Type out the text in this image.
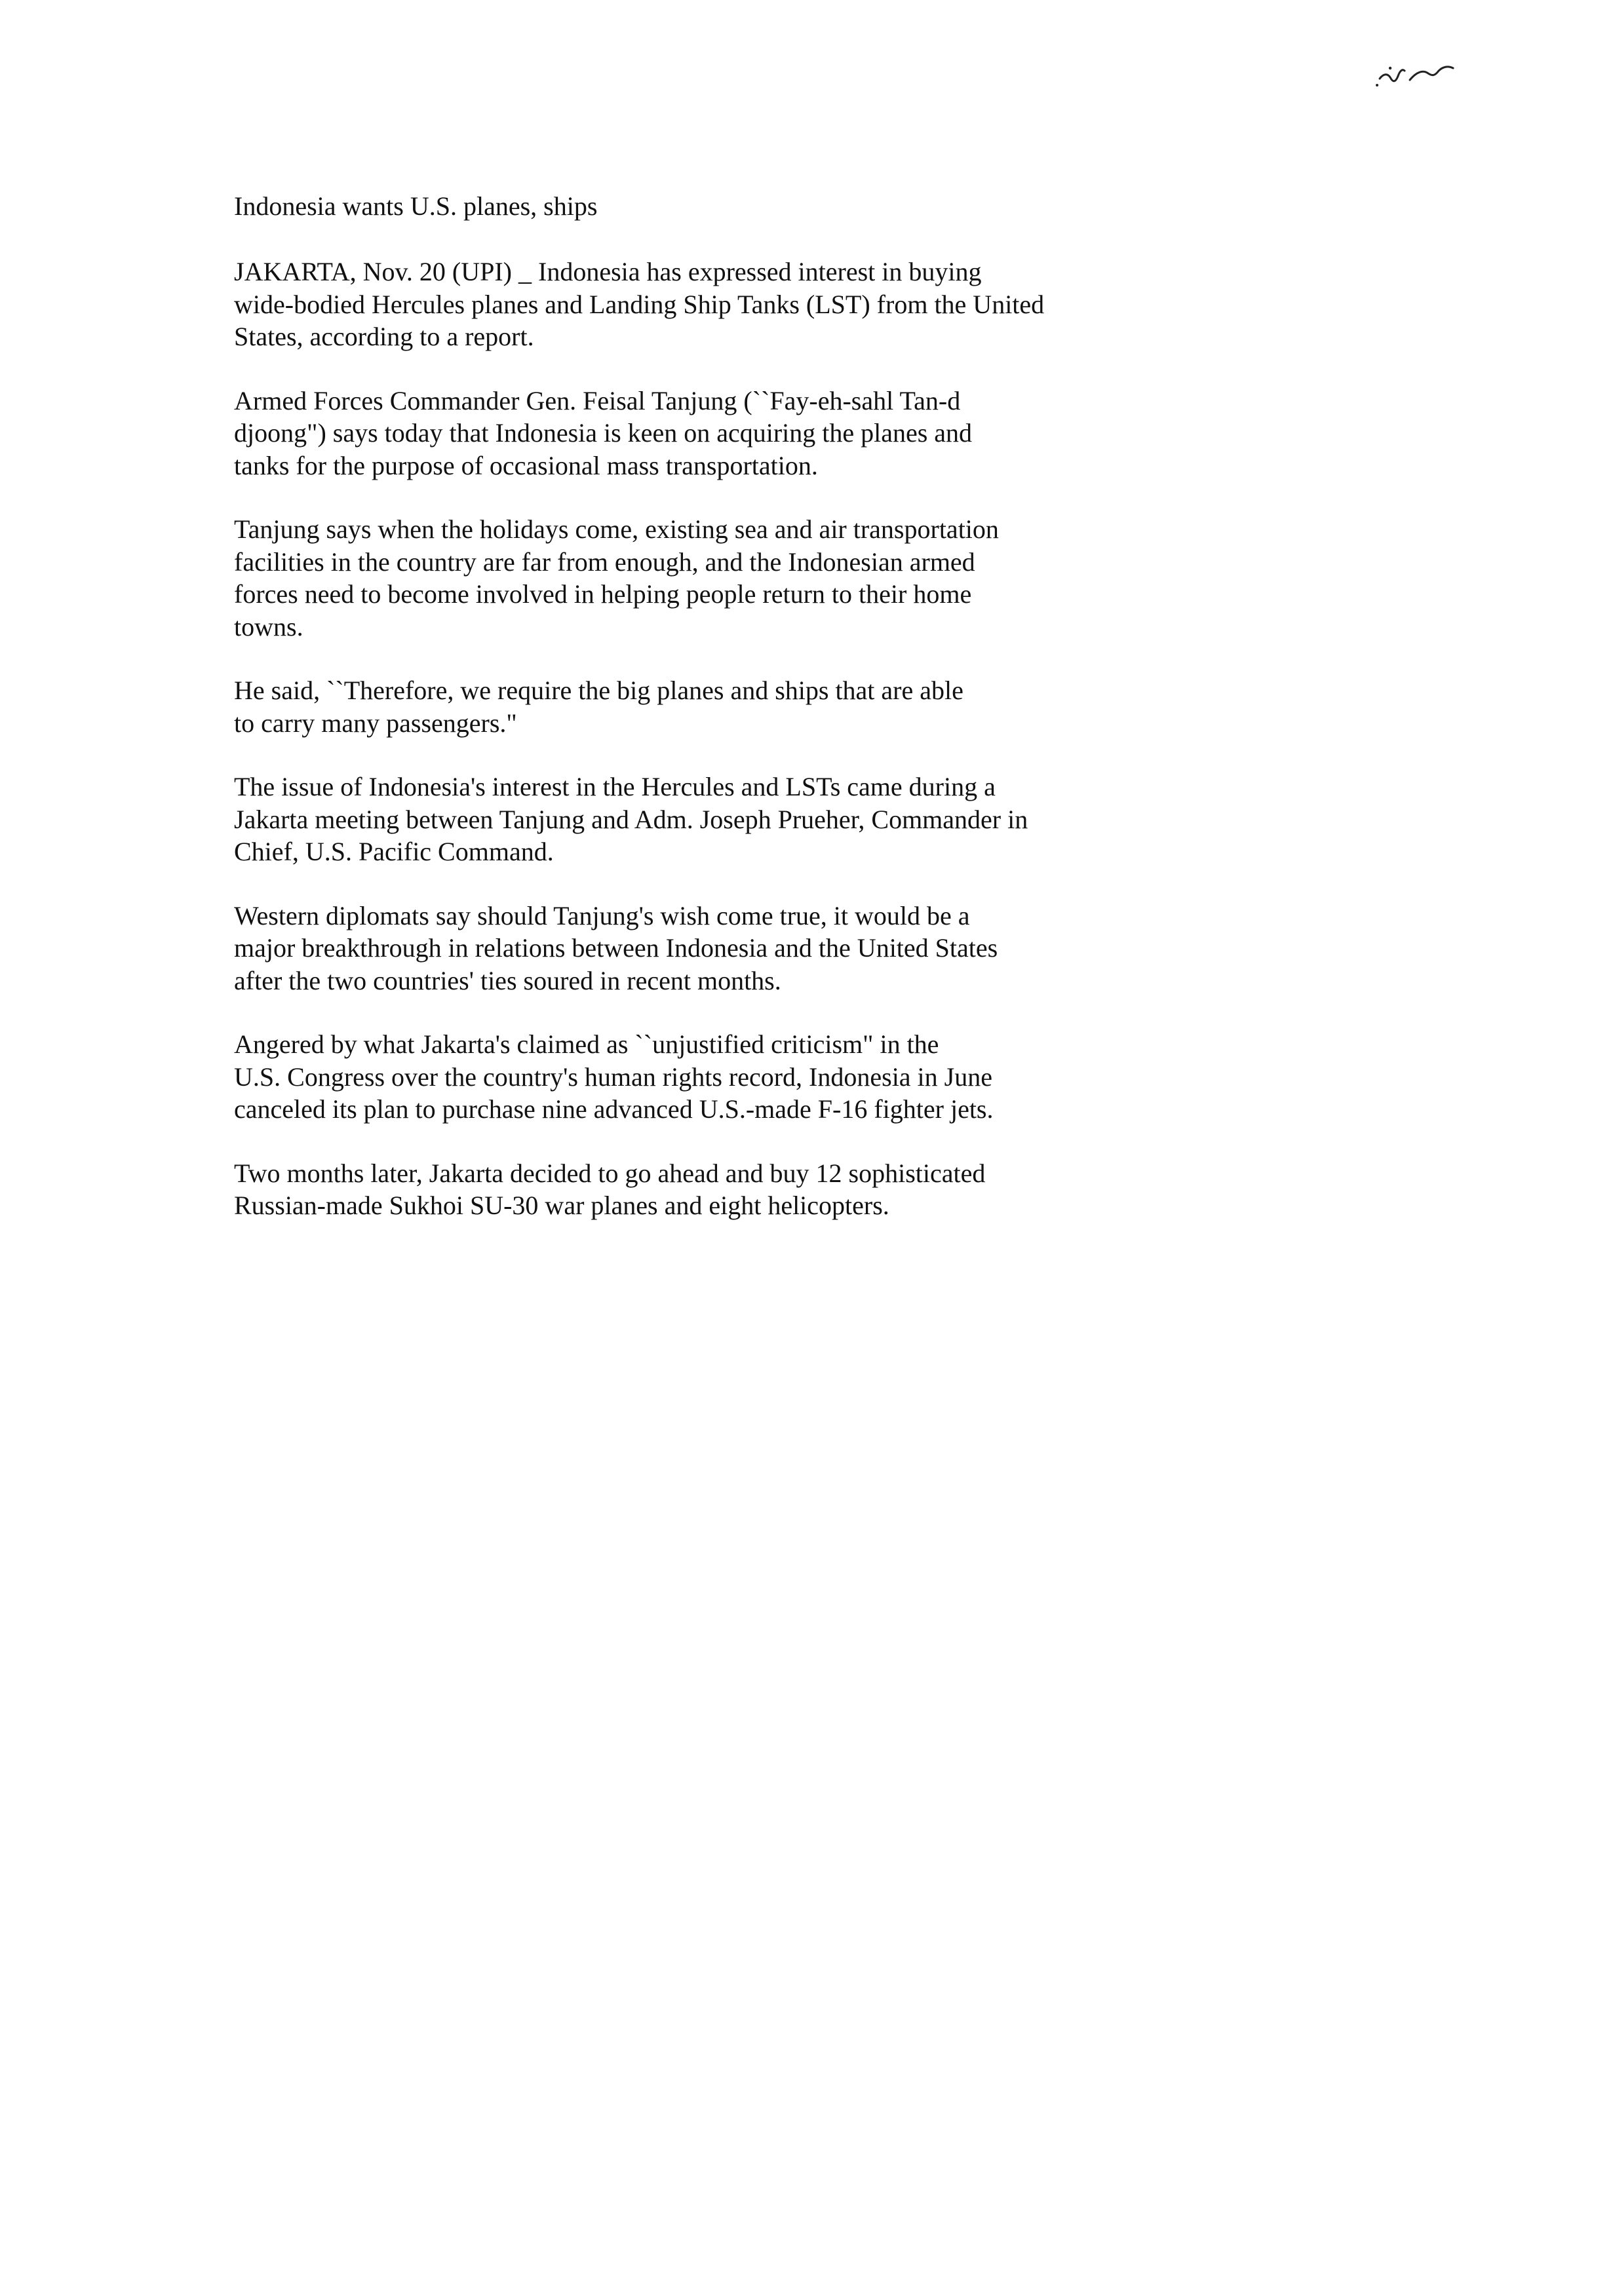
Indonesia wants U.S. planes, ships
JAKARTA, Nov. 20 (UPI) _ Indonesia has expressed interest in buying
wide-bodied Hercules planes and Landing Ship Tanks (LST) from the United
States, according to a report.
Armed Forces Commander Gen. Feisal Tanjung (``Fay-eh-sahl Tan-d
djoong") says today that Indonesia is keen on acquiring the planes and
tanks for the purpose of occasional mass transportation.
Tanjung says when the holidays come, existing sea and air transportation
facilities in the country are far from enough, and the Indonesian armed
forces need to become involved in helping people return to their home
towns.
He said, ``Therefore, we require the big planes and ships that are able
to carry many passengers."
The issue of Indonesia's interest in the Hercules and LSTs came during a
Jakarta meeting between Tanjung and Adm. Joseph Prueher, Commander in
Chief, U.S. Pacific Command.
Western diplomats say should Tanjung's wish come true, it would be a
major breakthrough in relations between Indonesia and the United States
after the two countries' ties soured in recent months.
Angered by what Jakarta's claimed as ``unjustified criticism" in the
U.S. Congress over the country's human rights record, Indonesia in June
canceled its plan to purchase nine advanced U.S.-made F-16 fighter jets.
Two months later, Jakarta decided to go ahead and buy 12 sophisticated
Russian-made Sukhoi SU-30 war planes and eight helicopters.
